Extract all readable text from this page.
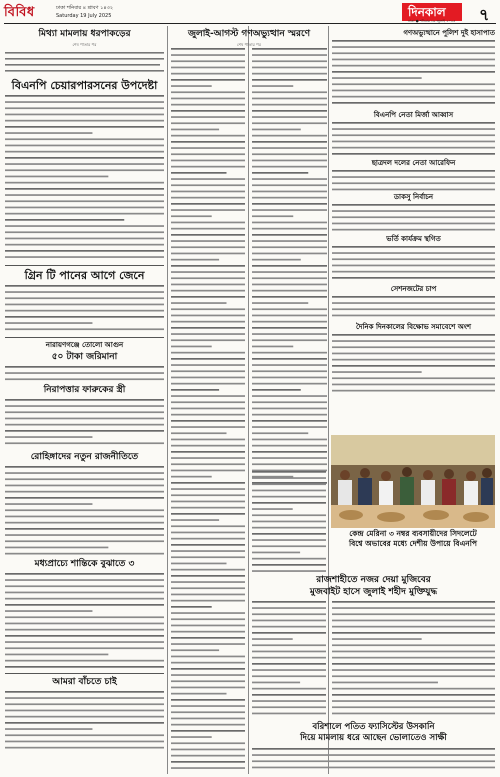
বিবিধ	ঢাকা শনিবার ৪ শ্রাবণ ১৪৩২
Saturday 19 July 2025	দিনকাল
ঢাকা ● শনিবার ১৯ জুলাই ২০২৫ ৭
মিথ্যা মামলায় ধরপাকড়ের
শেষ পাতার পর
বিএনপি চেয়ারপারসনের উপদেষ্টা
গ্রিন টি পানের আগে জেনে
নারায়ণগঞ্জে তোলো আগুন
৫০ টাকা জরিমানা
নিরাপত্তার ফারুকের স্ত্রী
রোহিঙ্গাদের নতুন রাজনীতিতে
মধ্যপ্রাচ্যে শান্তিকে বুঝাতে ৩
আমরা বাঁচতে চাই
জুলাই-আগস্ট গণঅভ্যুত্থান স্মরণে
শেষ পাতার পর
গণঅভ্যুত্থানে পুলিশ দুই হাসাপাত
বিএনপি নেতা মির্জা আব্বাস
ছাত্রদল দলের নেতা আরেফিন
ডাকসু নির্বাচন
ভর্তি কার্যক্রম স্থগিত
সেশনজটের চাপ
দৈনিক দিনকালের বিক্ষোভ সমাবেশে অংশ
কেন্দ্র মেরিনা ৩ নম্বর ব্যবসায়ীদের সিদলেটে
বিশ্বে অভাবের মধ্যে দেশীয় উপায়ে বিএনপি
রাজশাহীতে নজর দেয়া মুজিবের
মুজবাইট হাসে জুলাই শহীদ মুক্তিযুদ্ধ
বরিশালে পতিত ফ্যাসিস্টের উসকানি
দিয়ে মামলায় ধরে আছেন ভোলাতেও সাক্ষী
